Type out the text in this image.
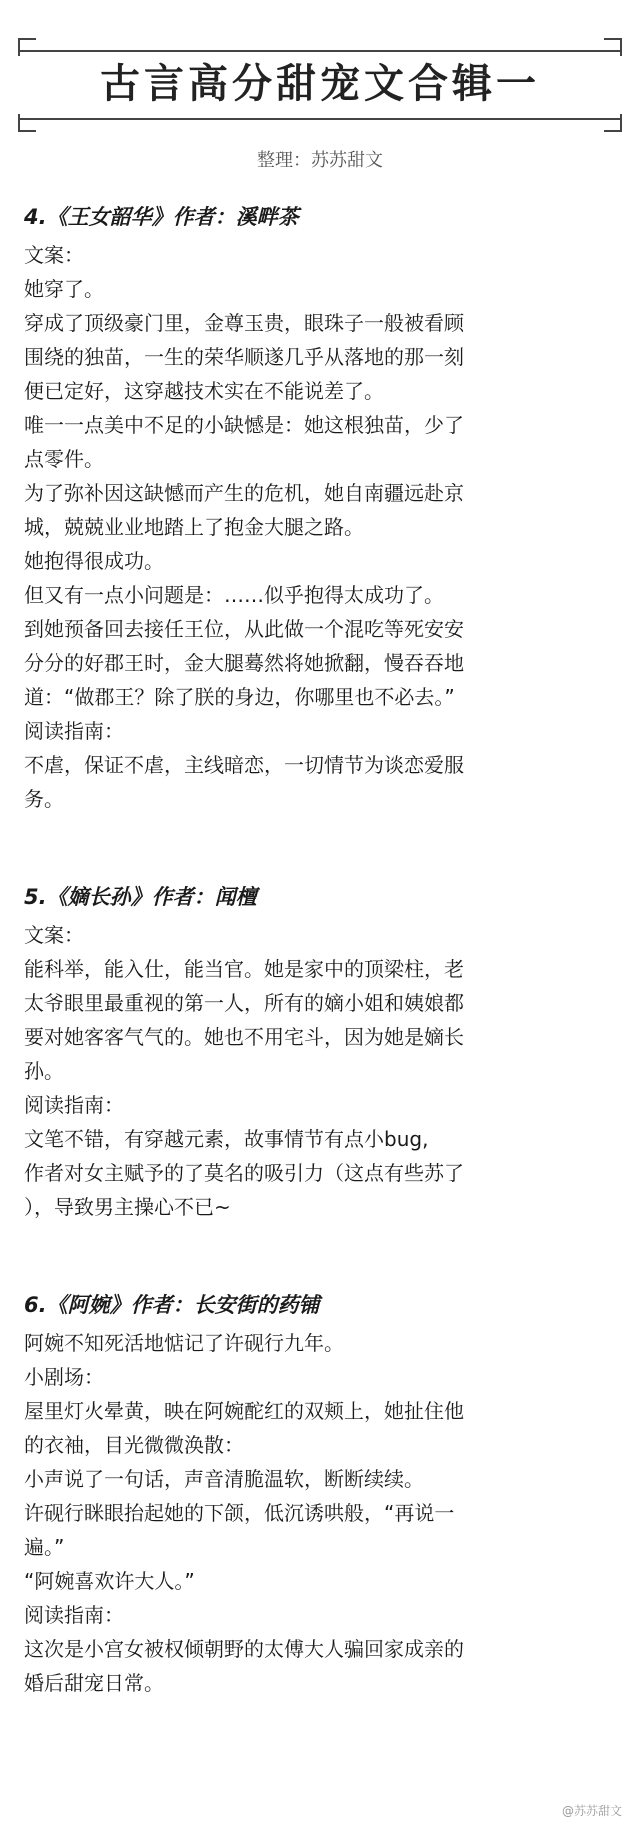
古言高分甜宠文合辑一
整理：苏苏甜文
4.《王女韶华》作者：溪畔茶
文案：
她穿了。
穿成了顶级豪门里，金尊玉贵，眼珠子一般被看顾
围绕的独苗，一生的荣华顺遂几乎从落地的那一刻
便已定好，这穿越技术实在不能说差了。
唯一一点美中不足的小缺憾是：她这根独苗，少了
点零件。
为了弥补因这缺憾而产生的危机，她自南疆远赴京
城，兢兢业业地踏上了抱金大腿之路。
她抱得很成功。
但又有一点小问题是：……似乎抱得太成功了。
到她预备回去接任王位，从此做一个混吃等死安安
分分的好郡王时，金大腿蓦然将她掀翻，慢吞吞地
道：“做郡王？除了朕的身边，你哪里也不必去。”
阅读指南：
不虐，保证不虐，主线暗恋，一切情节为谈恋爱服
务。
5.《嫡长孙》作者：闻檀
文案：
能科举，能入仕，能当官。她是家中的顶梁柱，老
太爷眼里最重视的第一人，所有的嫡小姐和姨娘都
要对她客客气气的。她也不用宅斗，因为她是嫡长
孙。
阅读指南：
文笔不错，有穿越元素，故事情节有点小bug,
作者对女主赋予的了莫名的吸引力（这点有些苏了
），导致男主操心不已~
6.《阿婉》作者：长安街的药铺
阿婉不知死活地惦记了许砚行九年。
小剧场：
屋里灯火晕黄，映在阿婉酡红的双颊上，她扯住他
的衣袖，目光微微涣散：
小声说了一句话，声音清脆温软，断断续续。
许砚行眯眼抬起她的下颌，低沉诱哄般，“再说一
遍。”
“阿婉喜欢许大人。”
阅读指南：
这次是小宫女被权倾朝野的太傅大人骗回家成亲的
婚后甜宠日常。
@苏苏甜文
